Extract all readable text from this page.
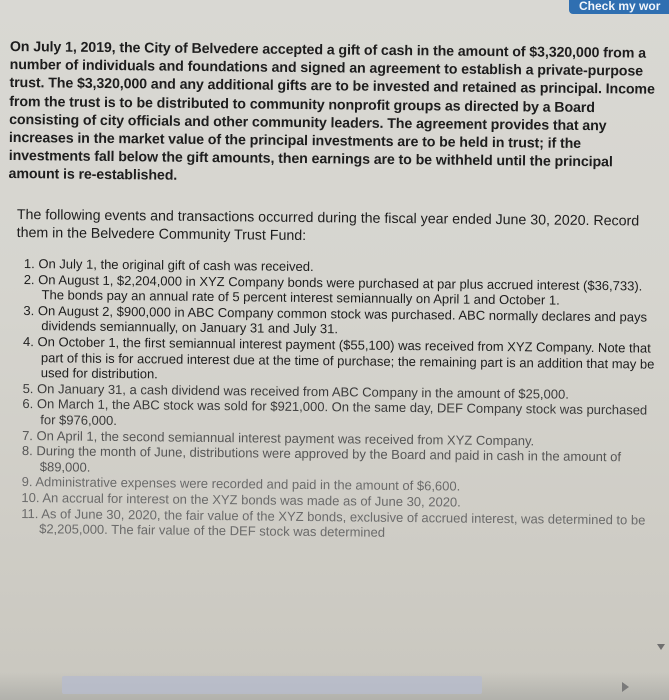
Check my wor

On July 1, 2019, the City of Belvedere accepted a gift of cash in the amount of $3,320,000 from a number of individuals and foundations and signed an agreement to establish a private-purpose trust. The $3,320,000 and any additional gifts are to be invested and retained as principal. Income from the trust is to be distributed to community nonprofit groups as directed by a Board consisting of city officials and other community leaders. The agreement provides that any increases in the market value of the principal investments are to be held in trust; if the investments fall below the gift amounts, then earnings are to be withheld until the principal amount is re-established.

The following events and transactions occurred during the fiscal year ended June 30, 2020. Record them in the Belvedere Community Trust Fund:

1. On July 1, the original gift of cash was received.
2. On August 1, $2,204,000 in XYZ Company bonds were purchased at par plus accrued interest ($36,733). The bonds pay an annual rate of 5 percent interest semiannually on April 1 and October 1.
3. On August 2, $900,000 in ABC Company common stock was purchased. ABC normally declares and pays dividends semiannually, on January 31 and July 31.
4. On October 1, the first semiannual interest payment ($55,100) was received from XYZ Company. Note that part of this is for accrued interest due at the time of purchase; the remaining part is an addition that may be used for distribution.
5. On January 31, a cash dividend was received from ABC Company in the amount of $25,000.
6. On March 1, the ABC stock was sold for $921,000. On the same day, DEF Company stock was purchased for $976,000.
7. On April 1, the second semiannual interest payment was received from XYZ Company.
8. During the month of June, distributions were approved by the Board and paid in cash in the amount of $89,000.
9. Administrative expenses were recorded and paid in the amount of $6,600.
10. An accrual for interest on the XYZ bonds was made as of June 30, 2020.
11. As of June 30, 2020, the fair value of the XYZ bonds, exclusive of accrued interest, was determined to be $2,205,000. The fair value of the DEF stock was determined
